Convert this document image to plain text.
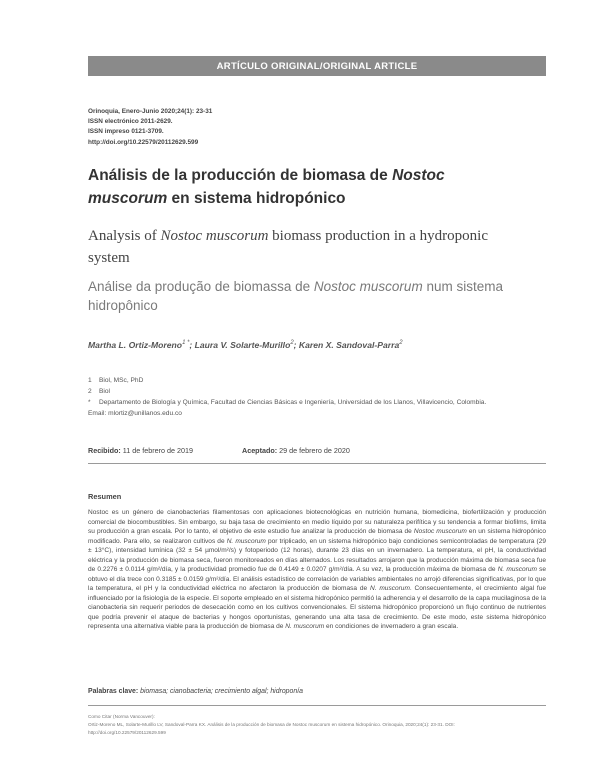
ARTÍCULO ORIGINAL/ORIGINAL ARTICLE
Orinoquia, Enero-Junio 2020;24(1): 23-31
ISSN electrónico 2011-2629.
ISSN impreso 0121-3709.
http://doi.org/10.22579/20112629.599
Análisis de la producción de biomasa de Nostoc muscorum en sistema hidropónico
Analysis of Nostoc muscorum biomass production in a hydroponic system
Análise da produção de biomassa de Nostoc muscorum num sistema hidropônico
Martha L. Ortiz-Moreno$^{1 *}$; Laura V. Solarte-Murillo$^2$; Karen X. Sandoval-Parra$^2$
1	Biol, MSc, PhD
2	Biol
*	Departamento de Biología y Química, Facultad de Ciencias Básicas e Ingeniería, Universidad de los Llanos, Villavicencio, Colombia.
Email: mlortiz@unillanos.edu.co
Recibido: 11 de febrero de 2019	Aceptado: 29 de febrero de 2020
Resumen
Nostoc es un género de cianobacterias filamentosas con aplicaciones biotecnológicas en nutrición humana, biomedicina, biofertilización y producción comercial de biocombustibles. Sin embargo, su baja tasa de crecimiento en medio líquido por su naturaleza perifítica y su tendencia a formar biofilms, limita su producción a gran escala. Por lo tanto, el objetivo de este estudio fue analizar la producción de biomasa de Nostoc muscorum en un sistema hidropónico modificado. Para ello, se realizaron cultivos de N. muscorum por triplicado, en un sistema hidropónico bajo condiciones semicontroladas de temperatura (29 ± 13°C), intensidad lumínica (32 ± 54 µmol/m²/s) y fotoperiodo (12 horas), durante 23 días en un invernadero. La temperatura, el pH, la conductividad eléctrica y la producción de biomasa seca, fueron monitoreados en días alternados. Los resultados arrojaron que la producción máxima de biomasa seca fue de 0.2276 ± 0.0114 g/m²/día, y la productividad promedio fue de 0.4149 ± 0.0207 g/m²/día. A su vez, la producción máxima de biomasa de N. muscorum se obtuvo el día trece con 0.3185 ± 0.0159 g/m²/día. El análisis estadístico de correlación de variables ambientales no arrojó diferencias significativas, por lo que la temperatura, el pH y la conductividad eléctrica no afectaron la producción de biomasa de N. muscorum. Consecuentemente, el crecimiento algal fue influenciado por la fisiología de la especie. El soporte empleado en el sistema hidropónico permitió la adherencia y el desarrollo de la capa mucilaginosa de la cianobacteria sin requerir periodos de desecación como en los cultivos convencionales. El sistema hidropónico proporcionó un flujo continuo de nutrientes que podría prevenir el ataque de bacterias y hongos oportunistas, generando una alta tasa de crecimiento. De este modo, este sistema hidropónico representa una alternativa viable para la producción de biomasa de N. muscorum en condiciones de invernadero a gran escala.
Palabras clave: biomasa; cianobacteria; crecimiento algal; hidroponía
Como Citar (Norma Vancouver):
Ortiz-Moreno ML, Solarte-Murillo LV, Sandoval-Parra KX. Análisis de la producción de biomasa de Nostoc muscorum en sistema hidropónico. Orinoquia, 2020;24(1): 23-31. DOI:
http://doi.org/10.22579/20112629.599
